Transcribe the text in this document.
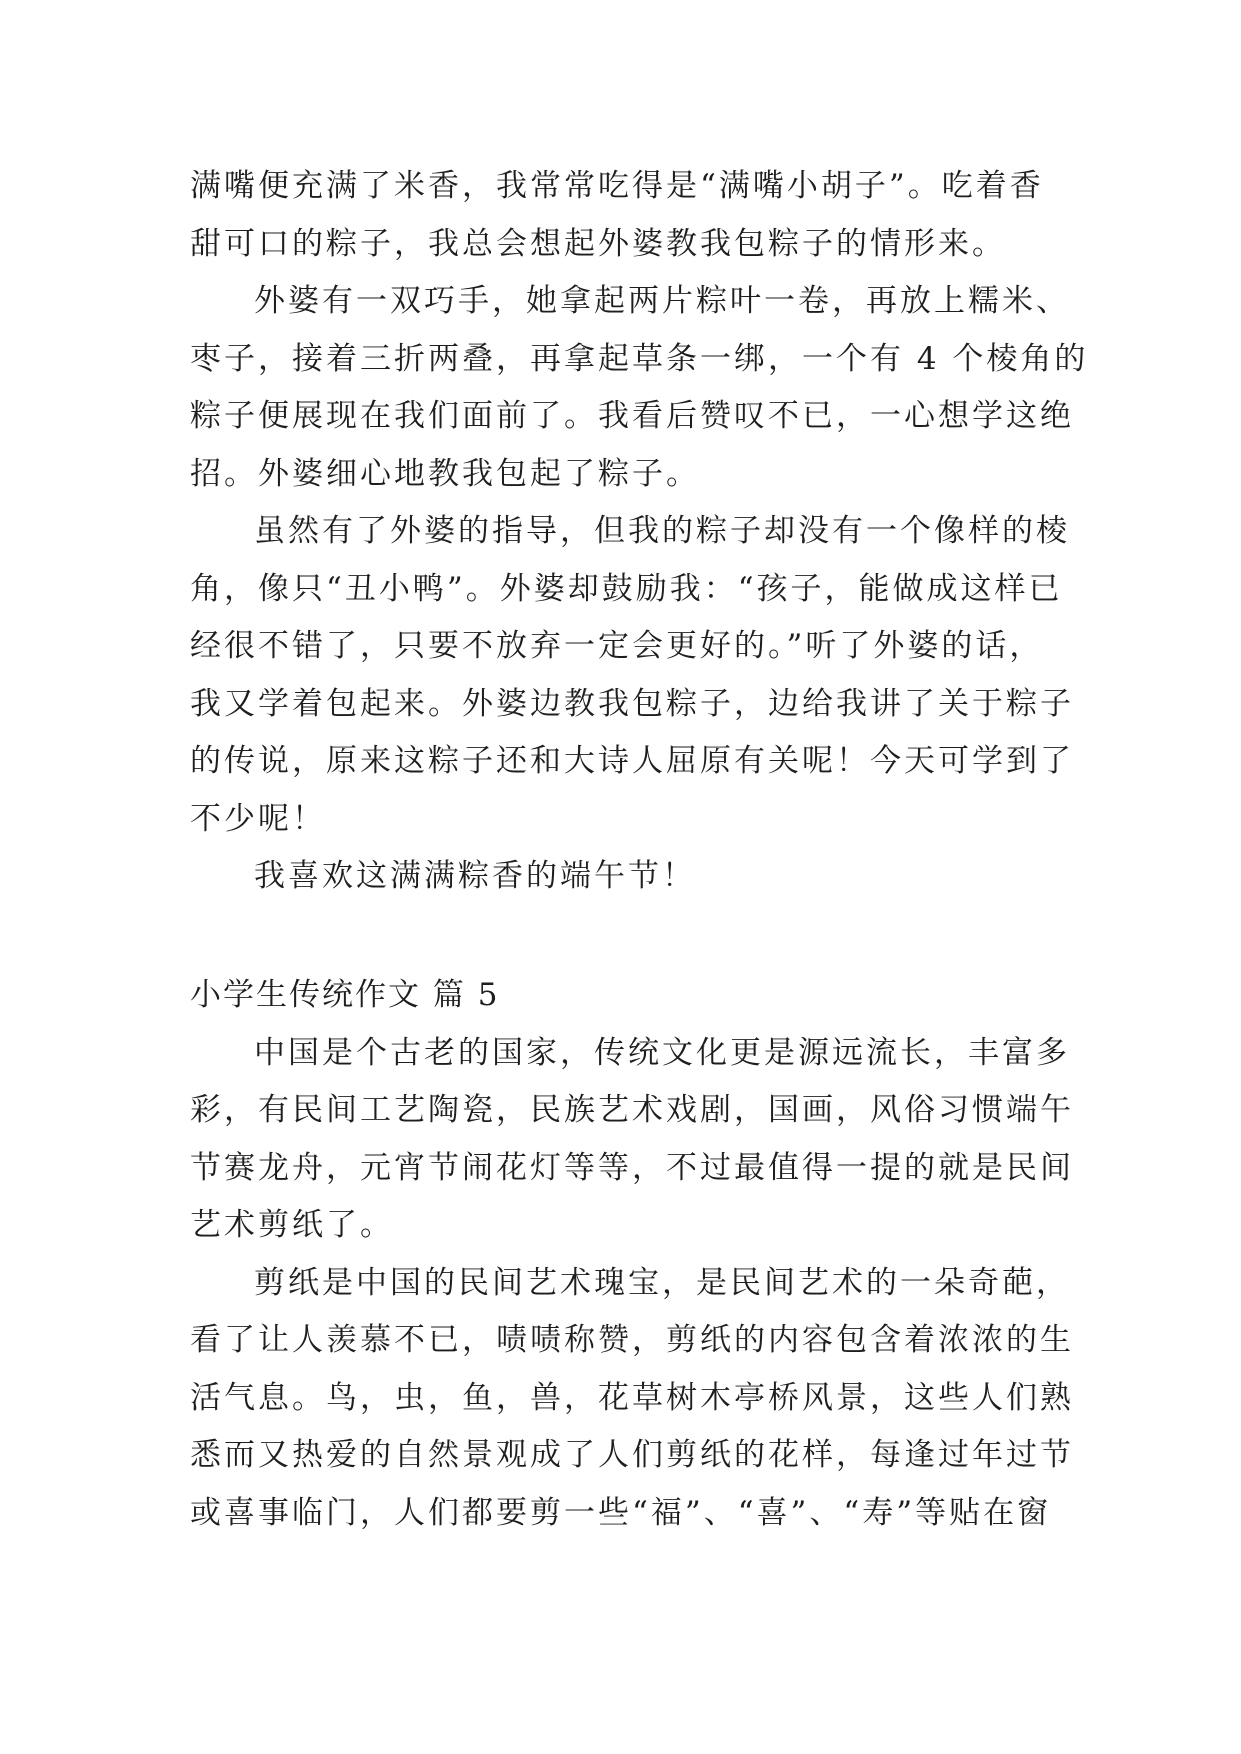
满嘴便充满了米香，我常常吃得是“满嘴小胡子”。吃着香
甜可口的粽子，我总会想起外婆教我包粽子的情形来。
外婆有一双巧手，她拿起两片粽叶一卷，再放上糯米、
枣子，接着三折两叠，再拿起草条一绑，一个有 4 个棱角的
粽子便展现在我们面前了。我看后赞叹不已，一心想学这绝
招。外婆细心地教我包起了粽子。
虽然有了外婆的指导，但我的粽子却没有一个像样的棱
角，像只“丑小鸭”。外婆却鼓励我：“孩子，能做成这样已
经很不错了，只要不放弃一定会更好的。”听了外婆的话，
我又学着包起来。外婆边教我包粽子，边给我讲了关于粽子
的传说，原来这粽子还和大诗人屈原有关呢！今天可学到了
不少呢！
我喜欢这满满粽香的端午节！
小学生传统作文 篇 5
中国是个古老的国家，传统文化更是源远流长，丰富多
彩，有民间工艺陶瓷，民族艺术戏剧，国画，风俗习惯端午
节赛龙舟，元宵节闹花灯等等，不过最值得一提的就是民间
艺术剪纸了。
剪纸是中国的民间艺术瑰宝，是民间艺术的一朵奇葩，
看了让人羡慕不已，啧啧称赞，剪纸的内容包含着浓浓的生
活气息。鸟，虫，鱼，兽，花草树木亭桥风景，这些人们熟
悉而又热爱的自然景观成了人们剪纸的花样，每逢过年过节
或喜事临门，人们都要剪一些“福”、“喜”、“寿”等贴在窗
